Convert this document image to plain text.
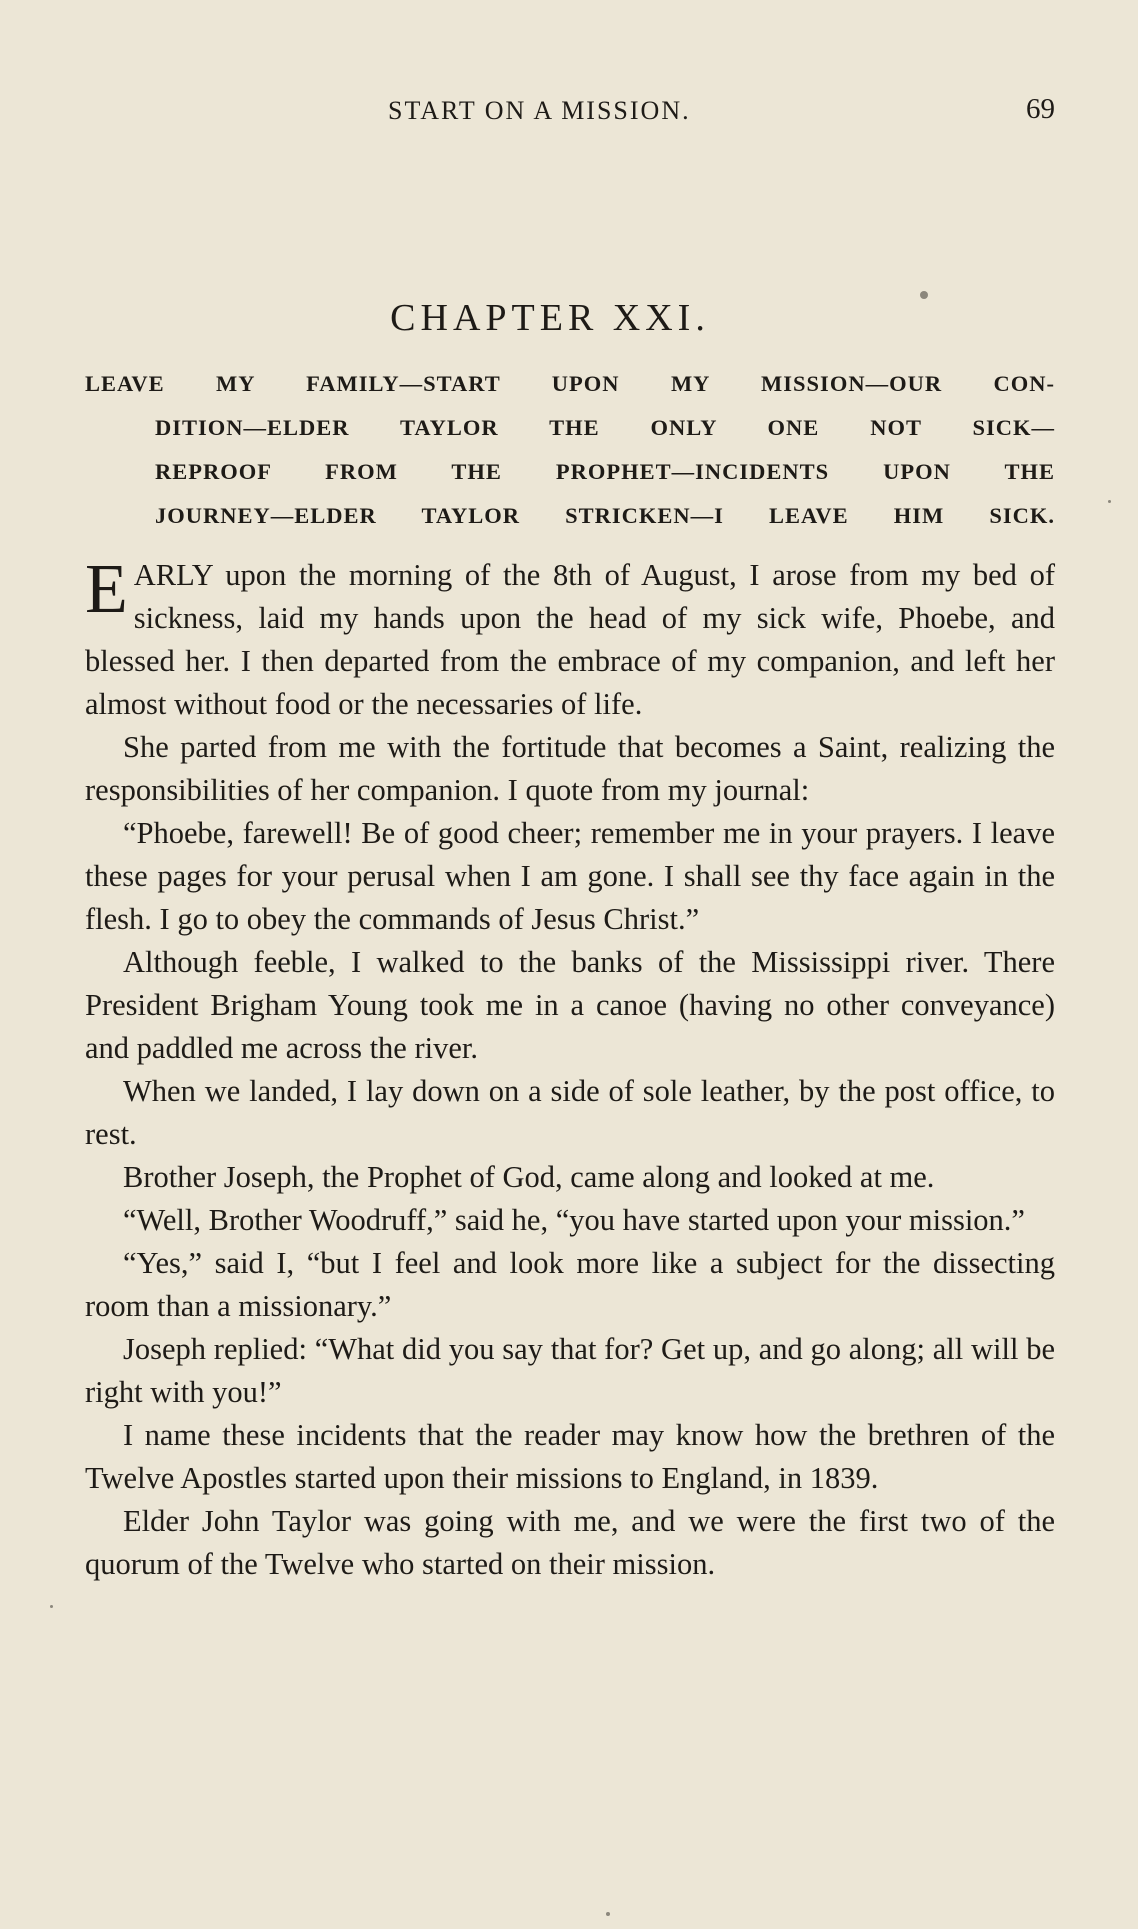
START ON A MISSION.	69
CHAPTER XXI.
LEAVE MY FAMILY—START UPON MY MISSION—OUR CON-
DITION—ELDER TAYLOR THE ONLY ONE NOT SICK—
REPROOF FROM THE PROPHET—INCIDENTS UPON THE
JOURNEY—ELDER TAYLOR STRICKEN—I LEAVE HIM SICK.

EARLY upon the morning of the 8th of August, I arose from my bed of sickness, laid my hands upon the head of my sick wife, Phoebe, and blessed her. I then departed from the embrace of my companion, and left her almost without food or the necessaries of life.

She parted from me with the fortitude that becomes a Saint, realizing the responsibilities of her companion. I quote from my journal:

“Phoebe, farewell! Be of good cheer; remember me in your prayers. I leave these pages for your perusal when I am gone. I shall see thy face again in the flesh. I go to obey the commands of Jesus Christ.”

Although feeble, I walked to the banks of the Mississippi river. There President Brigham Young took me in a canoe (having no other conveyance) and paddled me across the river.

When we landed, I lay down on a side of sole leather, by the post office, to rest.

Brother Joseph, the Prophet of God, came along and looked at me.

“Well, Brother Woodruff,” said he, “you have started upon your mission.”

“Yes,” said I, “but I feel and look more like a subject for the dissecting room than a missionary.”

Joseph replied: “What did you say that for? Get up, and go along; all will be right with you!”

I name these incidents that the reader may know how the brethren of the Twelve Apostles started upon their missions to England, in 1839.

Elder John Taylor was going with me, and we were the first two of the quorum of the Twelve who started on their mission.
